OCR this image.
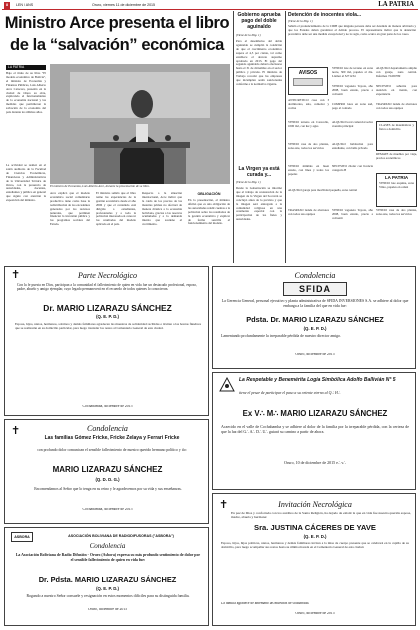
8	LEN / ANS	Oruro, viernes 11 de diciembre de 2015	LA PATRIA
Ministro Arce presenta el libro
de la “salvación” económica
LA PATRIA
Bajo el título de su libro "El modelo económico de Bolivia", el ministro de Economía y Finanzas Públicas, Luis Alberto Arce Catacora, presentó en la ciudad de Oruro su obra, explicando el funcionamiento de la economía nacional y las medidas que permitieron la salvación de la economía del país durante los últimos años.
La actividad se realizó en el salón auditorio de la Facultad de Ciencias Económicas, Financieras y Administrativas de la Universidad Técnica de Oruro, con la presencia de autoridades, docentes, estudiantes y público en general que siguió con atención la exposición del ministro.
El ministro de Economía, Luis Alberto Arce, durante la presentación de su libro.
Arce explicó que el modelo económico social comunitario productivo tiene como base la redistribución de los excedentes generados por los recursos naturales, que permiten financiar la inversión pública y los programas sociales del Estado.
El ministro señaló que el libro reúne las experiencias de la gestión económica desde el año 2006 y que el contenido está dirigido a estudiantes, profesionales y a toda la población interesada en conocer los resultados del modelo aplicado en el país.
Respecto a la situación internacional, Arce indicó que la caída de los precios de las materias primas no afectará de manera drástica a la economía boliviana, gracias a las reservas acumuladas y a la demanda interna que sostiene el crecimiento.
OBLIGACIÓN
En la presentación, el ministro afirmó que es una obligación de las autoridades rendir cuentas a la población sobre los resultados de la gestión económica y explicar de forma sencilla el funcionamiento del modelo.
Gobierno aprueba pago del doble aguinaldo
(Viene de la Pág. 1)
Para el desembolso del doble aguinaldo se cumplió la condición de que el crecimiento económico supere el 4,5 por ciento, tal como establece el decreto supremo aprobado en 2013. El pago del segundo aguinaldo deberá efectuarse hasta el 31 de diciembre en el sector público y privado. El ministro de Trabajo recordó que las empresas que incumplan serán sancionadas conforme a la normativa vigente.
La Virgen ya está curada y...
(Viene de la Pág. 1)
Desde la Gobernación se informó que el trabajo de restauración de la imagen de la Virgen del Socavón se concluyó antes de lo previsto y que la imagen será entregada a la comunidad religiosa en una ceremonia especial con la participación de los fieles y autoridades.
Detención de inocentes viola...
(Viene de la Pág. 1)
Señaló el pronunciamiento de la CIDH que ninguna persona debe ser detenida de manera arbitraria y que los Estados deben garantizar el debido proceso. El representante indicó que la detención preventiva debe ser una medida excepcional y no la regla, como ocurre en gran parte de los casos.
AVISOS
VENDO lote de terreno en zona norte, 300 m2, papeles al día. Llamar al 5271234
ALQUILO departamento amplio con garaje, zona central. Informes 72456789
VENDO vagoneta Toyota, año 2008, buen estado, precio a convenir
NECESITO señorita para atención en tienda, con experiencia
ANTICRÉTICO casa con 3 dormitorios, sala, comedor y cocina
COMPRO lotes en zona sud, pago al contado
TRASPASO tienda de abarrotes con todos sus equipos
VENDO terreno en Caracollo, 1000 m2, con luz y agua
ALQUILO local comercial sobre avenida principal	CLASES de matemáticas y física a domicilio
VENDO casa de dos plantas, zona este, todos los servicios
ALQUILO habitación para estudiante, con baño privado
REMATE de muebles por viaje, precios económicos
VENDO minibús en buen estado, con línea y todos los papeles
NECESITO chofer con licencia categoría B
LA PATRIA
VENDO lote esquina, zona Vinto, papeles en orden
ALQUILO garaje para movilidad pequeña, zona central
TRASPASO tienda de abarrotes con todos sus equipos
VENDO vagoneta Toyota, año 2008, buen estado, precio a convenir
VENDO casa de dos plantas, zona este, todos los servicios
✝	Parte Necrológico
Con la fe puesta en Dios, participan a la comunidad el fallecimiento de quien en vida fue un destacado profesional, esposo, padre, abuelo y amigo ejemplar, cuyo legado permanecerá en el recuerdo de todos quienes lo conocieron.
Dr. MARIO LIZARAZU SÁNCHEZ
(Q. E. P. D.)
Esposa, hijos, nietos, hermanos, sobrinos y demás familiares agradecen las muestras de solidaridad recibidas e invitan a las honras fúnebres que se realizarán en su domicilio particular, para luego trasladar los restos al Cementerio General de esta ciudad.
Cochabamba, diciembre de 2015
✝	Condolencia
Las familias Gómez Fricke, Fricke Zelaya y Ferrari Fricke
con profundo dolor comunican el sensible fallecimiento de nuestro querido hermano político y tío:
MARIO LIZARAZU SÁNCHEZ
(Q. D. D. G.)
Encomendamos al Señor que lo tenga en su reino y le agradecemos por su vida y sus enseñanzas.
Cochabamba, diciembre de 2015
ASBORA	ASOCIACIÓN BOLIVIANA DE RADIODIFUSORAS ("ASBORA")
Condolencia
La Asociación Boliviana de Radio Difusión - Oruro (Asbora) expresa su más profundo sentimiento de dolor por el sensible fallecimiento de quien en vida fue:
Dr. Pdsta. MARIO LIZARAZU SÁNCHEZ
(Q. E. P. D.)
Rogando a nuestro Señor consuele y resignación en estos momentos difíciles para su distinguida familia.
Oruro, diciembre de 2015
Condolencia
SFIDA
La Gerencia General, personal ejecutivo y planta administrativa de SFIDA INVERSIONES S.A. se adhiere al dolor que embarga a la familia del que en vida fue:
Pdsta. Dr. MARIO LIZARAZU SÁNCHEZ
(Q. E. P. D.)
Lamentando profundamente la irreparable pérdida de nuestro director amigo.
Oruro, diciembre de 2015
La Respetable y Benemérita Logia Simbólica Adolfo Ballivián N° 5
tiene el pesar de participar el paso a su oriente eterno al Q∴ H∴
Ex V∴ M∴ MARIO LIZARAZU SÁNCHEZ
Acaecido en el valle de Cochabamba y se adhiere al dolor de la familia por la irreparable pérdida, con la certeza de que la luz del G∴ A∴ D∴ U∴ guiará su camino a partir de ahora.
Oruro, 10 de diciembre de 2015 e∴ v∴
✝	Invitación Necrológica
En paz de Dios y confortada con los auxilios de la Santa Religión, ha dejado de existir la que en vida fue nuestra querida esposa, madre, abuela y hermana:
Sra. JUSTINA CÁCERES DE YAVE
(Q. E. P. D.)
Esposo, hijos, hijas políticas, nietos, hermanos y demás familiares invitan a la misa de cuerpo presente que se celebrará en la capilla de su domicilio, para luego acompañar sus restos hasta su última morada en el Cementerio General de esta ciudad.
La familia agradece de antemano las muestras de solidaridad.
Oruro, diciembre de 2015
